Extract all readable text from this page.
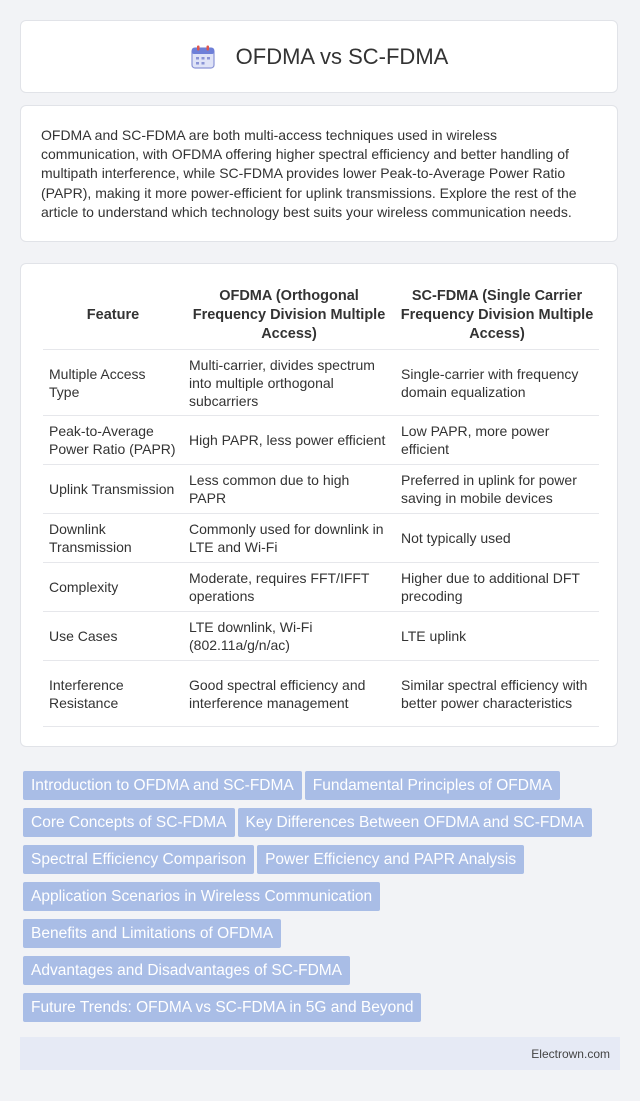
OFDMA vs SC-FDMA

OFDMA and SC-FDMA are both multi-access techniques used in wireless communication, with OFDMA offering higher spectral efficiency and better handling of multipath interference, while SC-FDMA provides lower Peak-to-Average Power Ratio (PAPR), making it more power-efficient for uplink transmissions. Explore the rest of the article to understand which technology best suits your wireless communication needs.

Feature	OFDMA (Orthogonal Frequency Division Multiple Access)	SC-FDMA (Single Carrier Frequency Division Multiple Access)
Multiple Access Type	Multi-carrier, divides spectrum into multiple orthogonal subcarriers	Single-carrier with frequency domain equalization
Peak-to-Average Power Ratio (PAPR)	High PAPR, less power efficient	Low PAPR, more power efficient
Uplink Transmission	Less common due to high PAPR	Preferred in uplink for power saving in mobile devices
Downlink Transmission	Commonly used for downlink in LTE and Wi-Fi	Not typically used
Complexity	Moderate, requires FFT/IFFT operations	Higher due to additional DFT precoding
Use Cases	LTE downlink, Wi-Fi (802.11a/g/n/ac)	LTE uplink
Interference Resistance	Good spectral efficiency and interference management	Similar spectral efficiency with better power characteristics
Introduction to OFDMA and SC-FDMA Fundamental Principles of OFDMA
Core Concepts of SC-FDMA Key Differences Between OFDMA and SC-FDMA
Spectral Efficiency Comparison Power Efficiency and PAPR Analysis
Application Scenarios in Wireless Communication
Benefits and Limitations of OFDMA
Advantages and Disadvantages of SC-FDMA
Future Trends: OFDMA vs SC-FDMA in 5G and Beyond
Electrown.com
